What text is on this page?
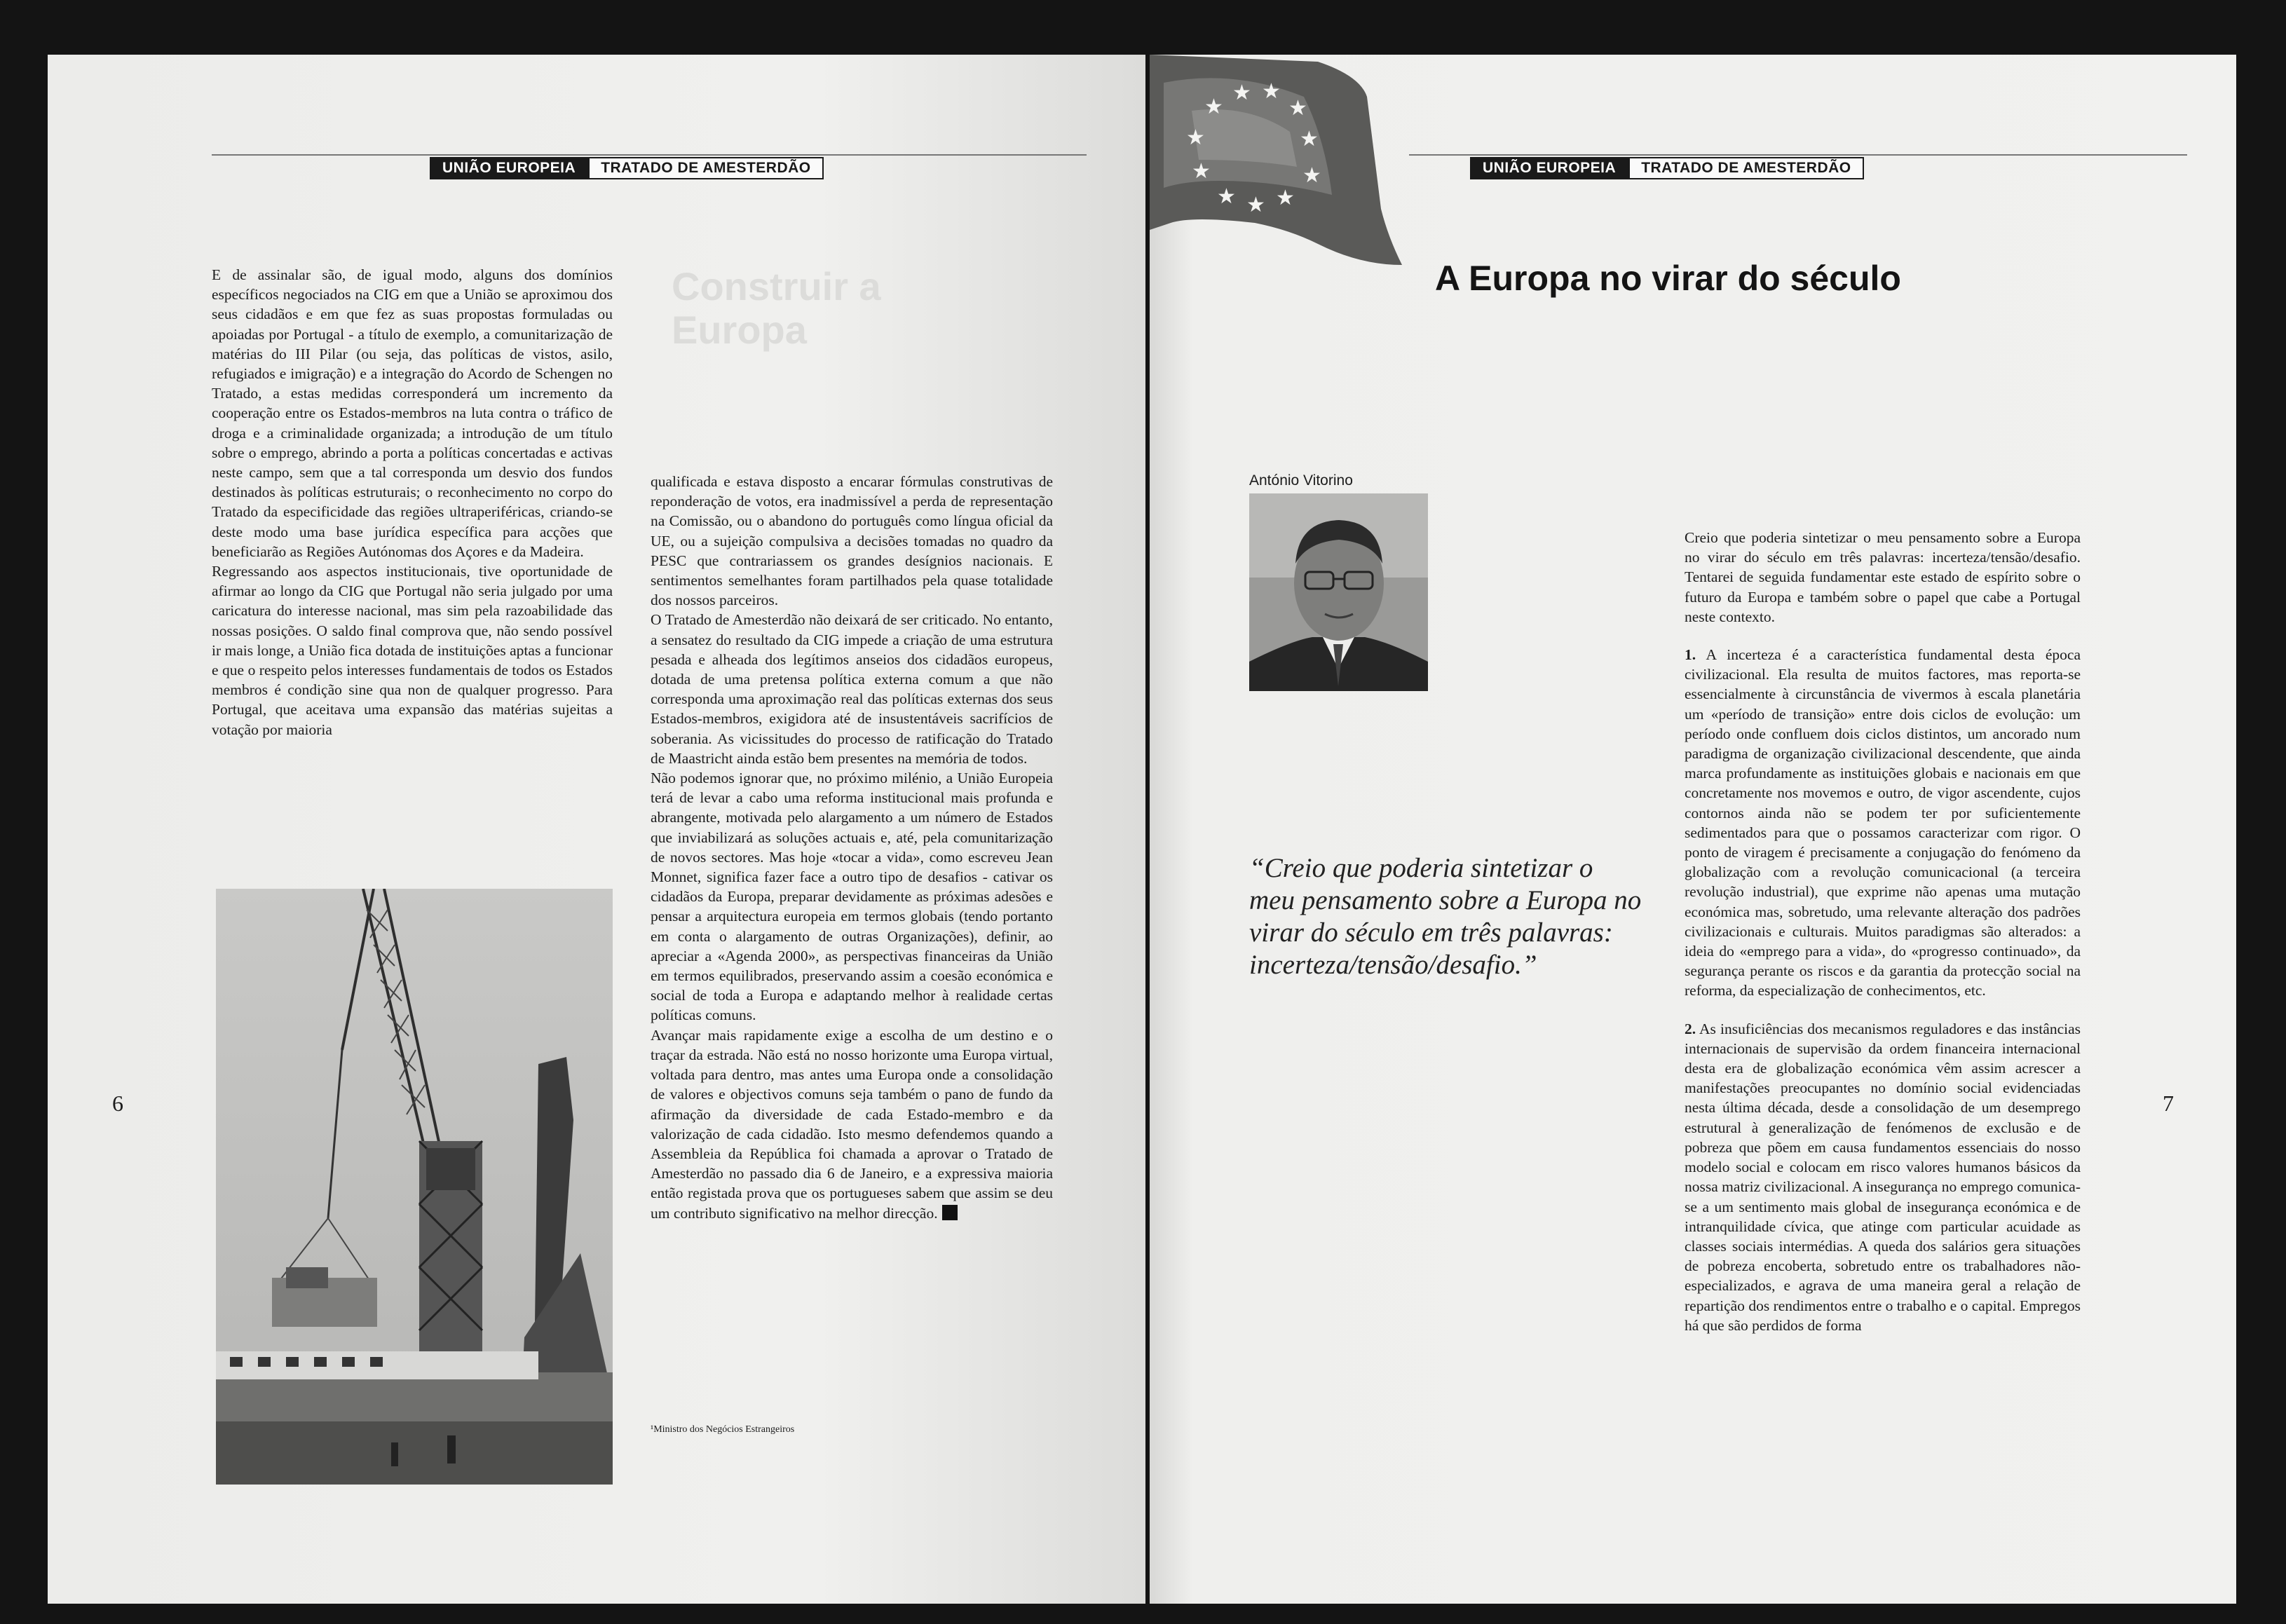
UNIÃO EUROPEIA	TRATADO DE AMESTERDÃO
Construir a
Europa

E de assinalar são, de igual modo, alguns dos domínios específicos negociados na CIG em que a União se aproximou dos seus cidadãos e em que fez as suas propostas formuladas ou apoiadas por Portugal - a título de exemplo, a comunitarização de matérias do III Pilar (ou seja, das políticas de vistos, asilo, refugiados e imigração) e a integração do Acordo de Schengen no Tratado, a estas medidas corresponderá um incremento da cooperação entre os Estados-membros na luta contra o tráfico de droga e a criminalidade organizada; a introdução de um título sobre o emprego, abrindo a porta a políticas concertadas e activas neste campo, sem que a tal corresponda um desvio dos fundos destinados às políticas estruturais; o reconhecimento no corpo do Tratado da especificidade das regiões ultraperiféricas, criando-se deste modo uma base jurídica específica para acções que beneficiarão as Regiões Autónomas dos Açores e da Madeira.

Regressando aos aspectos institucionais, tive oportunidade de afirmar ao longo da CIG que Portugal não seria julgado por uma caricatura do interesse nacional, mas sim pela razoabilidade das nossas posições. O saldo final comprova que, não sendo possível ir mais longe, a União fica dotada de instituições aptas a funcionar e que o respeito pelos interesses fundamentais de todos os Estados membros é condição sine qua non de qualquer progresso. Para Portugal, que aceitava uma expansão das matérias sujeitas a votação por maioria

qualificada e estava disposto a encarar fórmulas construtivas de reponderação de votos, era inadmissível a perda de representação na Comissão, ou o abandono do português como língua oficial da UE, ou a sujeição compulsiva a decisões tomadas no quadro da PESC que contrariassem os grandes desígnios nacionais. E sentimentos semelhantes foram partilhados pela quase totalidade dos nossos parceiros.

O Tratado de Amesterdão não deixará de ser criticado. No entanto, a sensatez do resultado da CIG impede a criação de uma estrutura pesada e alheada dos legítimos anseios dos cidadãos europeus, dotada de uma pretensa política externa comum a que não corresponda uma aproximação real das políticas externas dos seus Estados-membros, exigidora até de insustentáveis sacrifícios de soberania. As vicissitudes do processo de ratificação do Tratado de Maastricht ainda estão bem presentes na memória de todos.

Não podemos ignorar que, no próximo milénio, a União Europeia terá de levar a cabo uma reforma institucional mais profunda e abrangente, motivada pelo alargamento a um número de Estados que inviabilizará as soluções actuais e, até, pela comunitarização de novos sectores. Mas hoje «tocar a vida», como escreveu Jean Monnet, significa fazer face a outro tipo de desafios - cativar os cidadãos da Europa, preparar devidamente as próximas adesões e pensar a arquitectura europeia em termos globais (tendo portanto em conta o alargamento de outras Organizações), definir, ao apreciar a «Agenda 2000», as perspectivas financeiras da União em termos equilibrados, preservando assim a coesão económica e social de toda a Europa e adaptando melhor à realidade certas políticas comuns.

Avançar mais rapidamente exige a escolha de um destino e o traçar da estrada. Não está no nosso horizonte uma Europa virtual, voltada para dentro, mas antes uma Europa onde a consolidação de valores e objectivos comuns seja também o pano de fundo da afirmação da diversidade de cada Estado-membro e da valorização de cada cidadão. Isto mesmo defendemos quando a Assembleia da República foi chamada a aprovar o Tratado de Amesterdão no passado dia 6 de Janeiro, e a expressiva maioria então registada prova que os portugueses sabem que assim se deu um contributo significativo na melhor direcção.

¹Ministro dos Negócios Estrangeiros
6
★
★ ★
★
★	★
★	★
★ ★ ★
UNIÃO EUROPEIA	TRATADO DE AMESTERDÃO
A Europa no virar do século
António Vitorino
“Creio que poderia sintetizar o meu pensamento sobre a Europa no virar do século em três palavras: incerteza/tensão/desafio.”

Creio que poderia sintetizar o meu pensamento sobre a Europa no virar do século em três palavras: incerteza/tensão/desafio. Tentarei de seguida fundamentar este estado de espírito sobre o futuro da Europa e também sobre o papel que cabe a Portugal neste contexto.

1. A incerteza é a característica fundamental desta época civilizacional. Ela resulta de muitos factores, mas reporta-se essencialmente à circunstância de vivermos à escala planetária um «período de transição» entre dois ciclos de evolução: um período onde confluem dois ciclos distintos, um ancorado num paradigma de organização civilizacional descendente, que ainda marca profundamente as instituições globais e nacionais em que concretamente nos movemos e outro, de vigor ascendente, cujos contornos ainda não se podem ter por suficientemente sedimentados para que o possamos caracterizar com rigor. O ponto de viragem é precisamente a conjugação do fenómeno da globalização com a revolução comunicacional (a terceira revolução industrial), que exprime não apenas uma mutação económica mas, sobretudo, uma relevante alteração dos padrões civilizacionais e culturais. Muitos paradigmas são alterados: a ideia do «emprego para a vida», do «progresso continuado», da segurança perante os riscos e da garantia da protecção social na reforma, da especialização de conhecimentos, etc.

2. As insuficiências dos mecanismos reguladores e das instâncias internacionais de supervisão da ordem financeira internacional desta era de globalização económica vêm assim acrescer a manifestações preocupantes no domínio social evidenciadas nesta última década, desde a consolidação de um desemprego estrutural à generalização de fenómenos de exclusão e de pobreza que põem em causa fundamentos essenciais do nosso modelo social e colocam em risco valores humanos básicos da nossa matriz civilizacional. A insegurança no emprego comunica-se a um sentimento mais global de insegurança económica e de intranquilidade cívica, que atinge com particular acuidade as classes sociais intermédias. A queda dos salários gera situações de pobreza encoberta, sobretudo entre os trabalhadores não-especializados, e agrava de uma maneira geral a relação de repartição dos rendimentos entre o trabalho e o capital. Empregos há que são perdidos de forma

7
